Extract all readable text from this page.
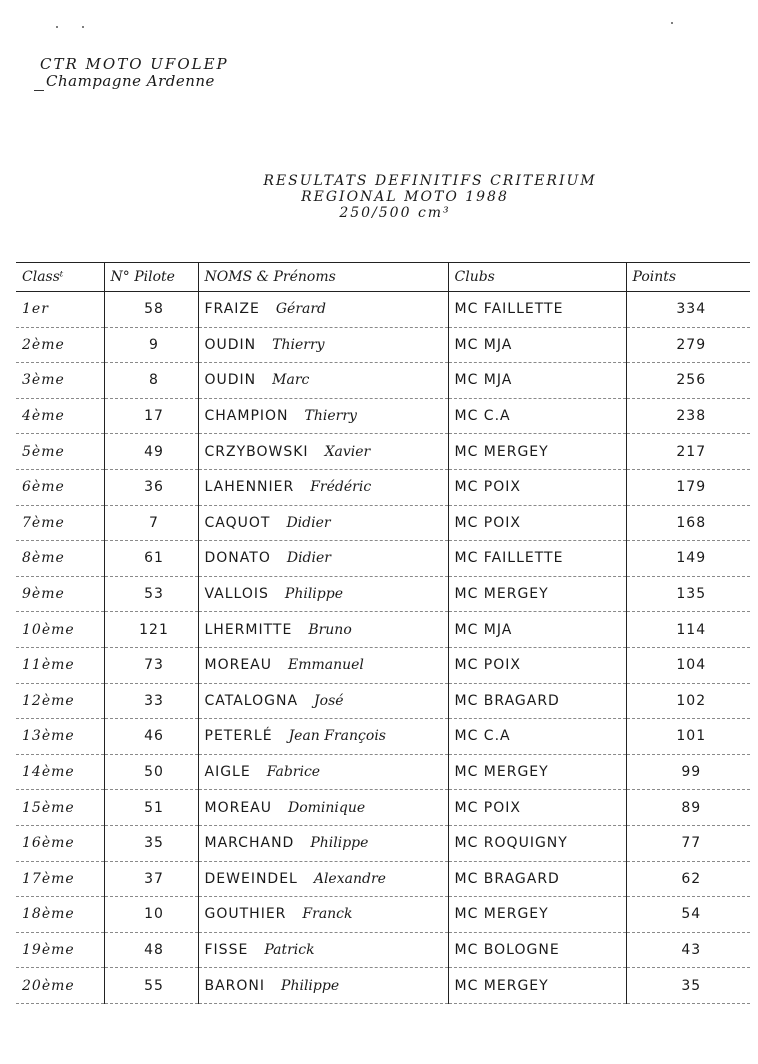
CTR MOTO UFOLEP
Champagne Ardenne
RESULTATS DEFINITIFS CRITERIUM
REGIONAL MOTO 1988
250/500 cm³
Classᵗ	N° Pilote	NOMS & Prénoms	Clubs	Points
1er	58	FRAIZE Gérard	MC FAILLETTE	334
2ème	9	OUDIN Thierry	MC MJA	279
3ème	8	OUDIN Marc	MC MJA	256
4ème	17	CHAMPION Thierry	MC C.A	238
5ème	49	CRZYBOWSKI Xavier	MC MERGEY	217
6ème	36	LAHENNIER Frédéric	MC POIX	179
7ème	7	CAQUOT Didier	MC POIX	168
8ème	61	DONATO Didier	MC FAILLETTE	149
9ème	53	VALLOIS Philippe	MC MERGEY	135
10ème	121	LHERMITTE Bruno	MC MJA	114
11ème	73	MOREAU Emmanuel	MC POIX	104
12ème	33	CATALOGNA José	MC BRAGARD	102
13ème	46	PETERLÉ Jean François	MC C.A	101
14ème	50	AIGLE Fabrice	MC MERGEY	99
15ème	51	MOREAU Dominique	MC POIX	89
16ème	35	MARCHAND Philippe	MC ROQUIGNY	77
17ème	37	DEWEINDEL Alexandre	MC BRAGARD	62
18ème	10	GOUTHIER Franck	MC MERGEY	54
19ème	48	FISSE Patrick	MC BOLOGNE	43
20ème	55	BARONI Philippe	MC MERGEY	35
